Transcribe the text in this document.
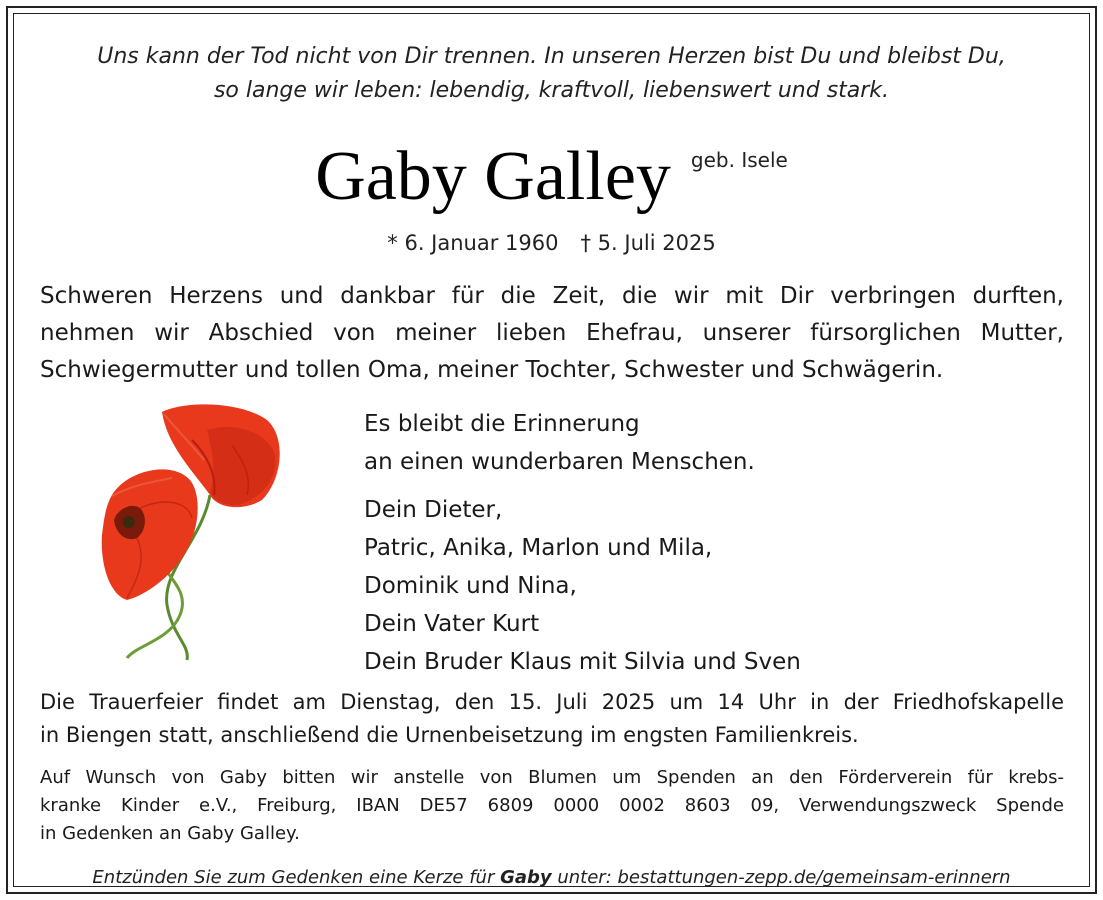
Uns kann der Tod nicht von Dir trennen. In unseren Herzen bist Du und bleibst Du,
so lange wir leben: lebendig, kraftvoll, liebenswert und stark.
Gaby Galley geb. Isele
* 6. Januar 1960 † 5. Juli 2025
Schweren Herzens und dankbar für die Zeit, die wir mit Dir verbringen durften,
nehmen wir Abschied von meiner lieben Ehefrau, unserer fürsorglichen Mutter,
Schwiegermutter und tollen Oma, meiner Tochter, Schwester und Schwägerin.
Es bleibt die Erinnerung
an einen wunderbaren Menschen.
Dein Dieter,
Patric, Anika, Marlon und Mila,
Dominik und Nina,
Dein Vater Kurt
Dein Bruder Klaus mit Silvia und Sven
Die Trauerfeier findet am Dienstag, den 15. Juli 2025 um 14 Uhr in der Friedhofskapelle
in Biengen statt, anschließend die Urnenbeisetzung im engsten Familienkreis.
Auf Wunsch von Gaby bitten wir anstelle von Blumen um Spenden an den Förderverein für krebs-
kranke Kinder e.V., Freiburg, IBAN DE57 6809 0000 0002 8603 09, Verwendungszweck Spende
in Gedenken an Gaby Galley.
Entzünden Sie zum Gedenken eine Kerze für Gaby unter: bestattungen-zepp.de/gemeinsam-erinnern
